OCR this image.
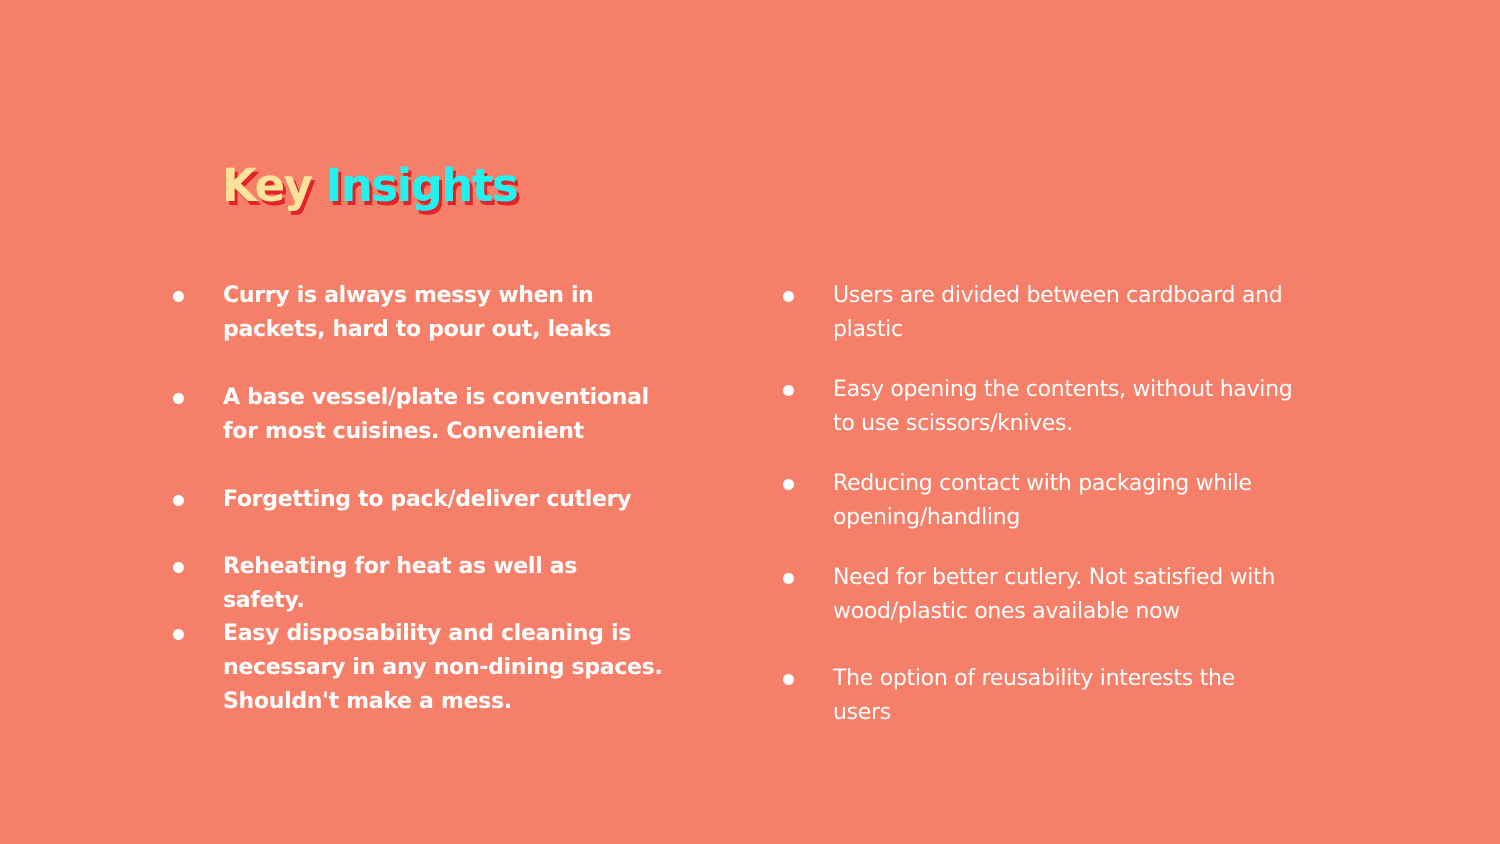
Key Insights
Curry is always messy when in packets, hard to pour out, leaks
A base vessel/plate is conventional for most cuisines. Convenient
Forgetting to pack/deliver cutlery
Reheating for heat as well as safety.
Easy disposability and cleaning is necessary in any non-dining spaces. Shouldn't make a mess.
Users are divided between cardboard and plastic
Easy opening the contents, without having to use scissors/knives.
Reducing contact with packaging while opening/handling
Need for better cutlery. Not satisfied with wood/plastic ones available now
The option of reusability interests the users
